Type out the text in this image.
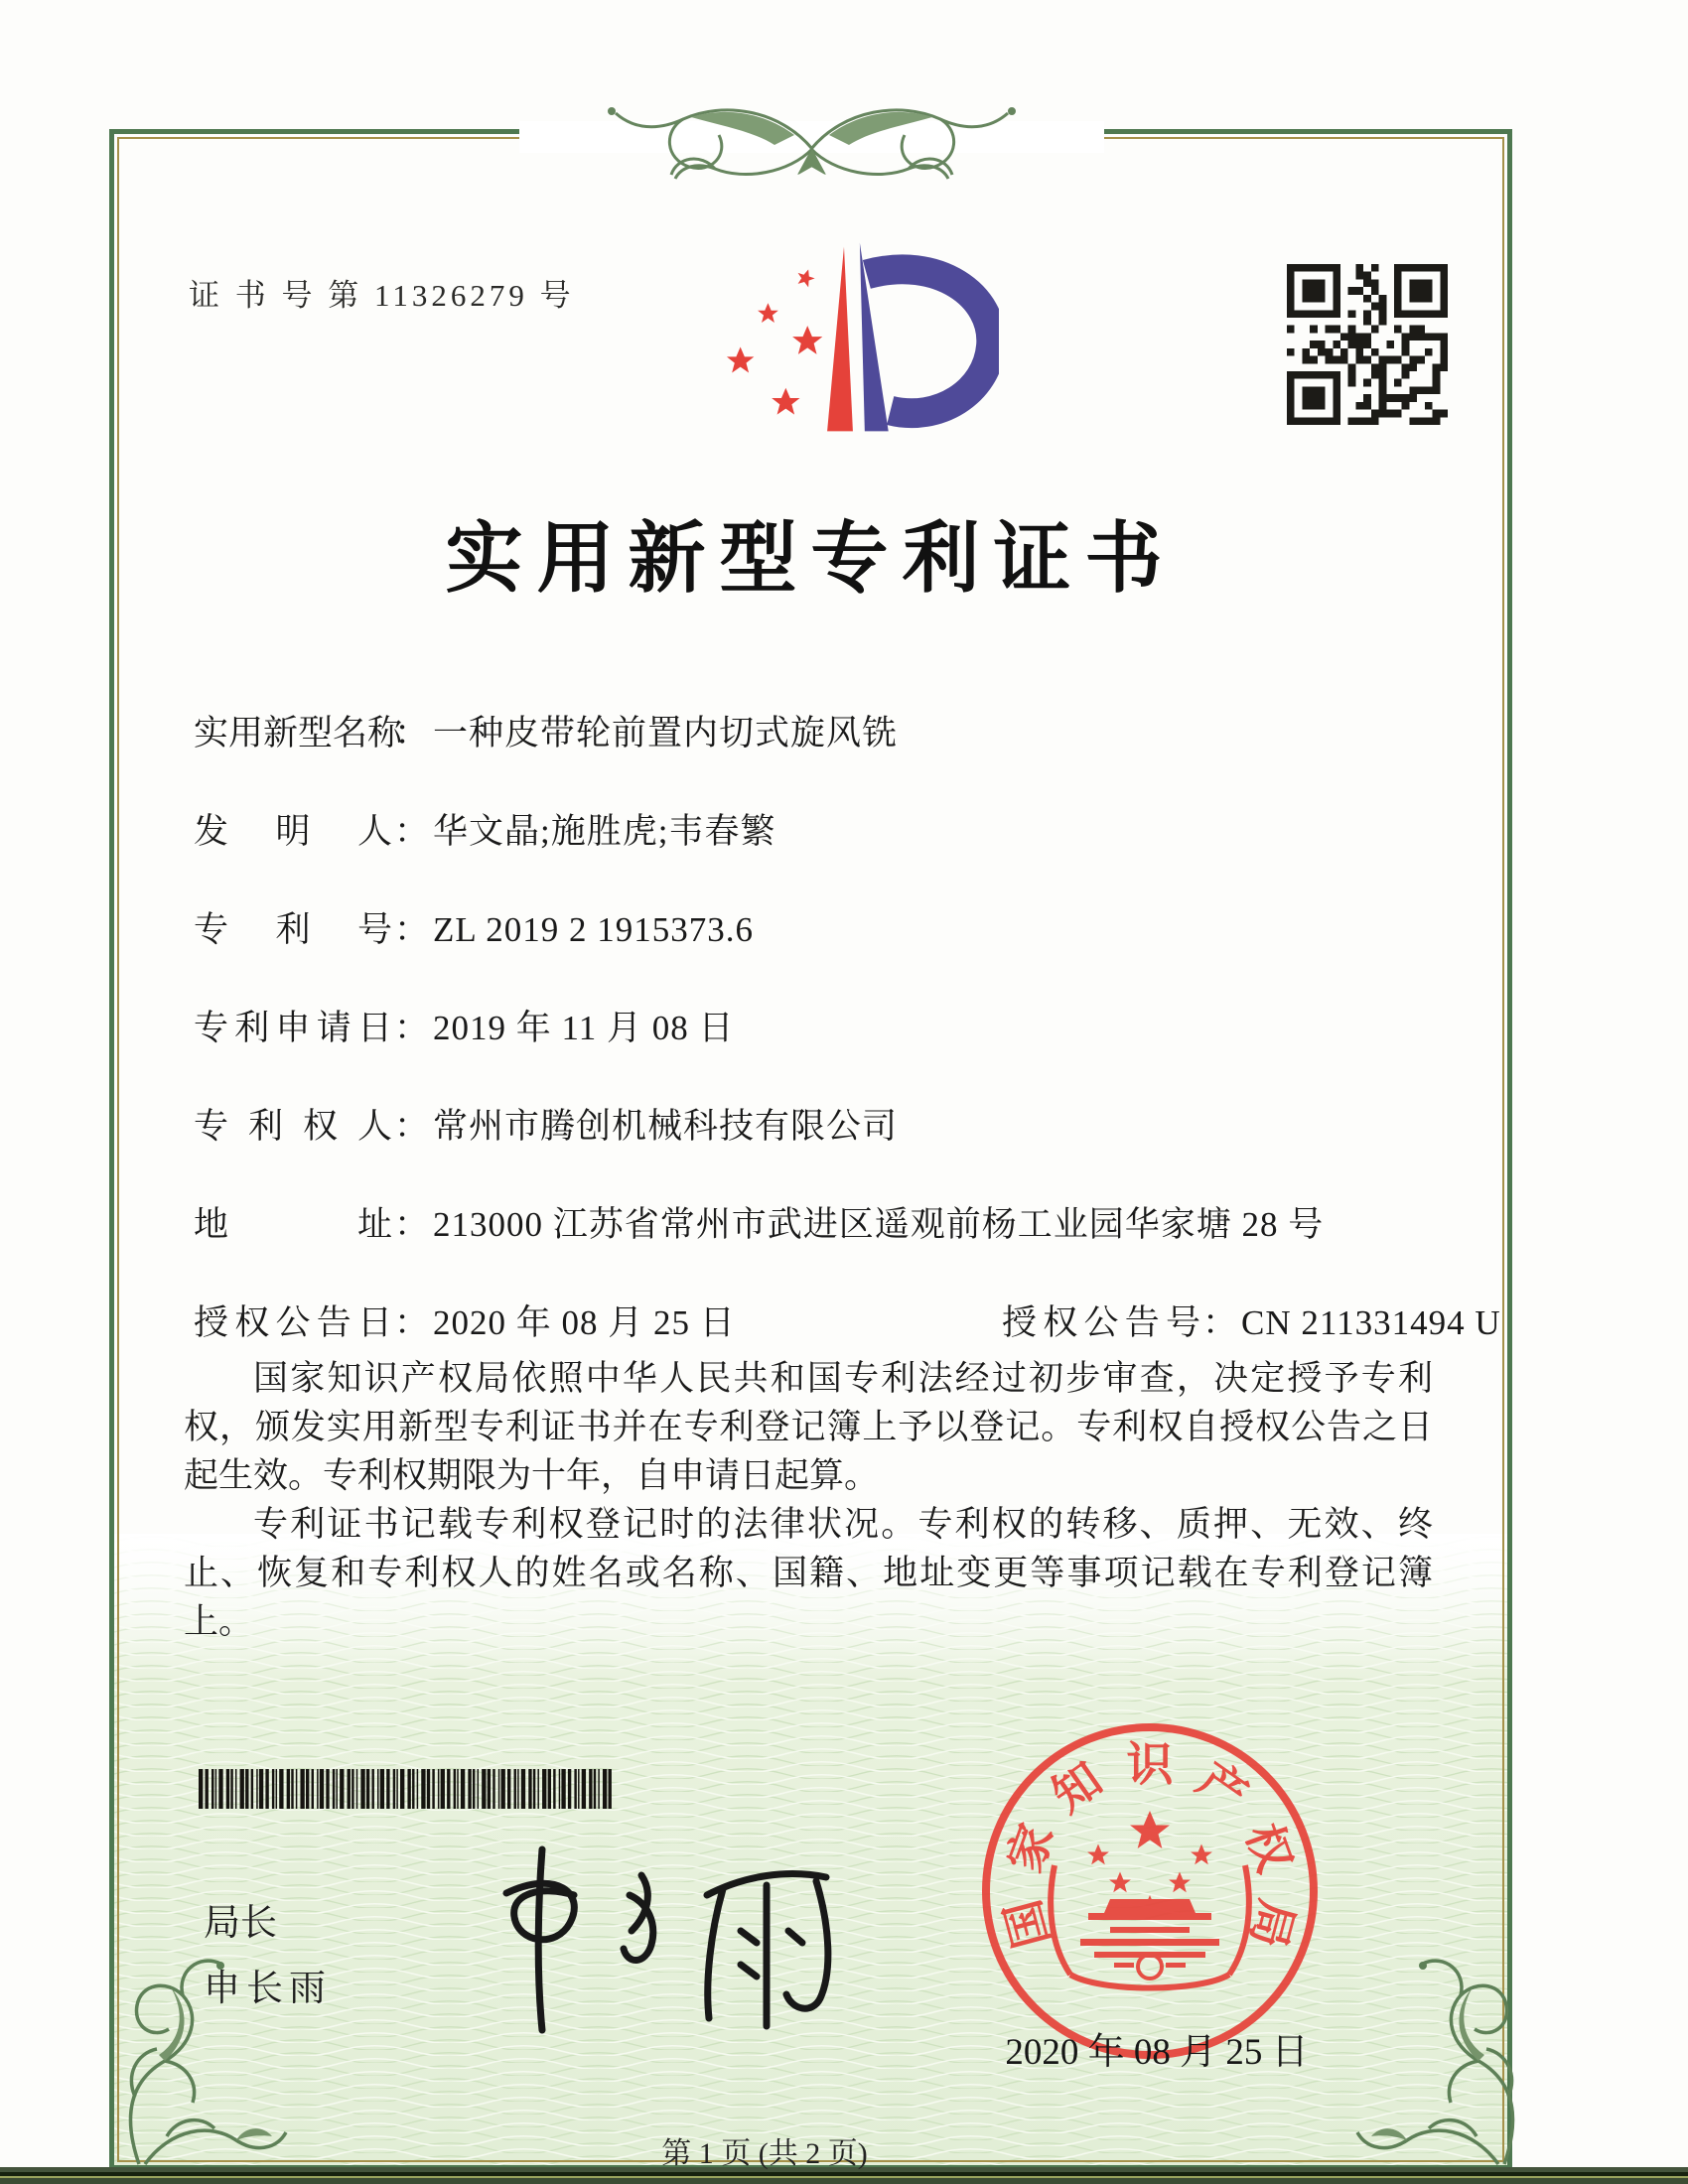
证 书 号 第 11326279 号
实用新型专利证书
实用新型名称： 一种皮带轮前置内切式旋风铣
发明人： 华文晶;施胜虎;韦春繁
专利号： ZL 2019 2 1915373.6
专利申请日： 2019 年 11 月 08 日
专利权人： 常州市腾创机械科技有限公司
地址： 213000 江苏省常州市武进区遥观前杨工业园华家塘 28 号
授权公告日： 2020 年 08 月 25 日	授权公告号： CN 211331494 U

国家知识产权局依照中华人民共和国专利法经过初步审查，决定授予专利权，颁发实用新型专利证书并在专利登记簿上予以登记。专利权自授权公告之日起生效。专利权期限为十年，自申请日起算。

专利证书记载专利权登记时的法律状况。专利权的转移、质押、无效、终止、恢复和专利权人的姓名或名称、国籍、地址变更等事项记载在专利登记簿上。

局长
申长雨
国
家
知 识 产
权
局
2020 年 08 月 25 日
第 1 页 (共 2 页)
